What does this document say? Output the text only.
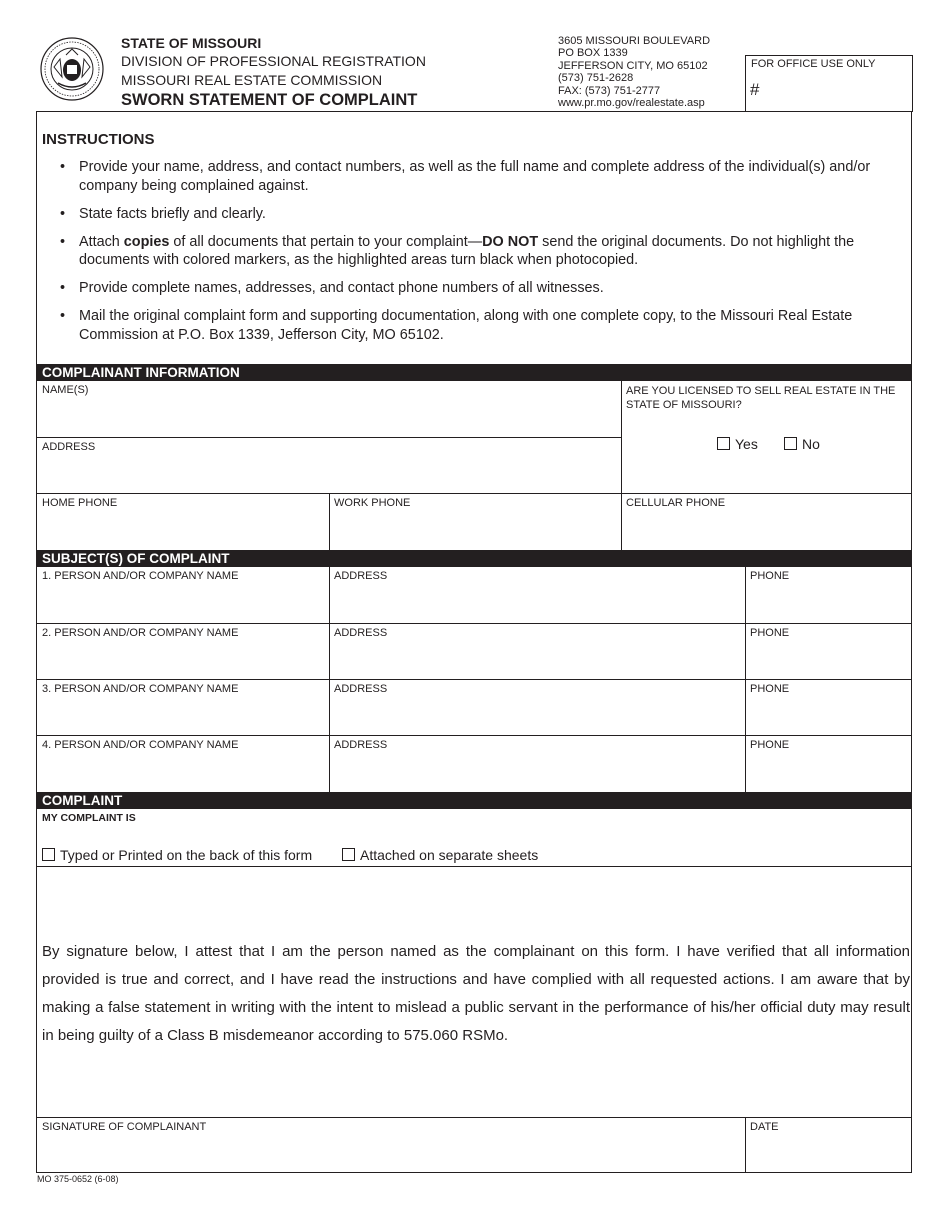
STATE OF MISSOURI
DIVISION OF PROFESSIONAL REGISTRATION
MISSOURI REAL ESTATE COMMISSION
SWORN STATEMENT OF COMPLAINT
3605 MISSOURI BOULEVARD
PO BOX 1339
JEFFERSON CITY, MO 65102
(573) 751-2628
FAX: (573) 751-2777
www.pr.mo.gov/realestate.asp
FOR OFFICE USE ONLY
#
INSTRUCTIONS
• Provide your name, address, and contact numbers, as well as the full name and complete address of the individual(s) and/or company being complained against.
• State facts briefly and clearly.
• Attach copies of all documents that pertain to your complaint—DO NOT send the original documents. Do not highlight the documents with colored markers, as the highlighted areas turn black when photocopied.
• Provide complete names, addresses, and contact phone numbers of all witnesses.
• Mail the original complaint form and supporting documentation, along with one complete copy, to the Missouri Real Estate Commission at P.O. Box 1339, Jefferson City, MO 65102.
COMPLAINANT INFORMATION
NAME(S)	ARE YOU LICENSED TO SELL REAL ESTATE IN THE STATE OF MISSOURI?
Yes	No
ADDRESS
HOME PHONE	WORK PHONE	CELLULAR PHONE
SUBJECT(S) OF COMPLAINT
1. PERSON AND/OR COMPANY NAME	ADDRESS	PHONE
2. PERSON AND/OR COMPANY NAME	ADDRESS	PHONE
3. PERSON AND/OR COMPANY NAME	ADDRESS	PHONE
4. PERSON AND/OR COMPANY NAME	ADDRESS	PHONE
COMPLAINT
MY COMPLAINT IS
Typed or Printed on the back of this form	Attached on separate sheets
By signature below, I attest that I am the person named as the complainant on this form. I have verified that all information provided is true and correct, and I have read the instructions and have complied with all requested actions. I am aware that by making a false statement in writing with the intent to mislead a public servant in the performance of his/her official duty may result in being guilty of a Class B misdemeanor according to 575.060 RSMo.
SIGNATURE OF COMPLAINANT	DATE
MO 375-0652 (6-08)
